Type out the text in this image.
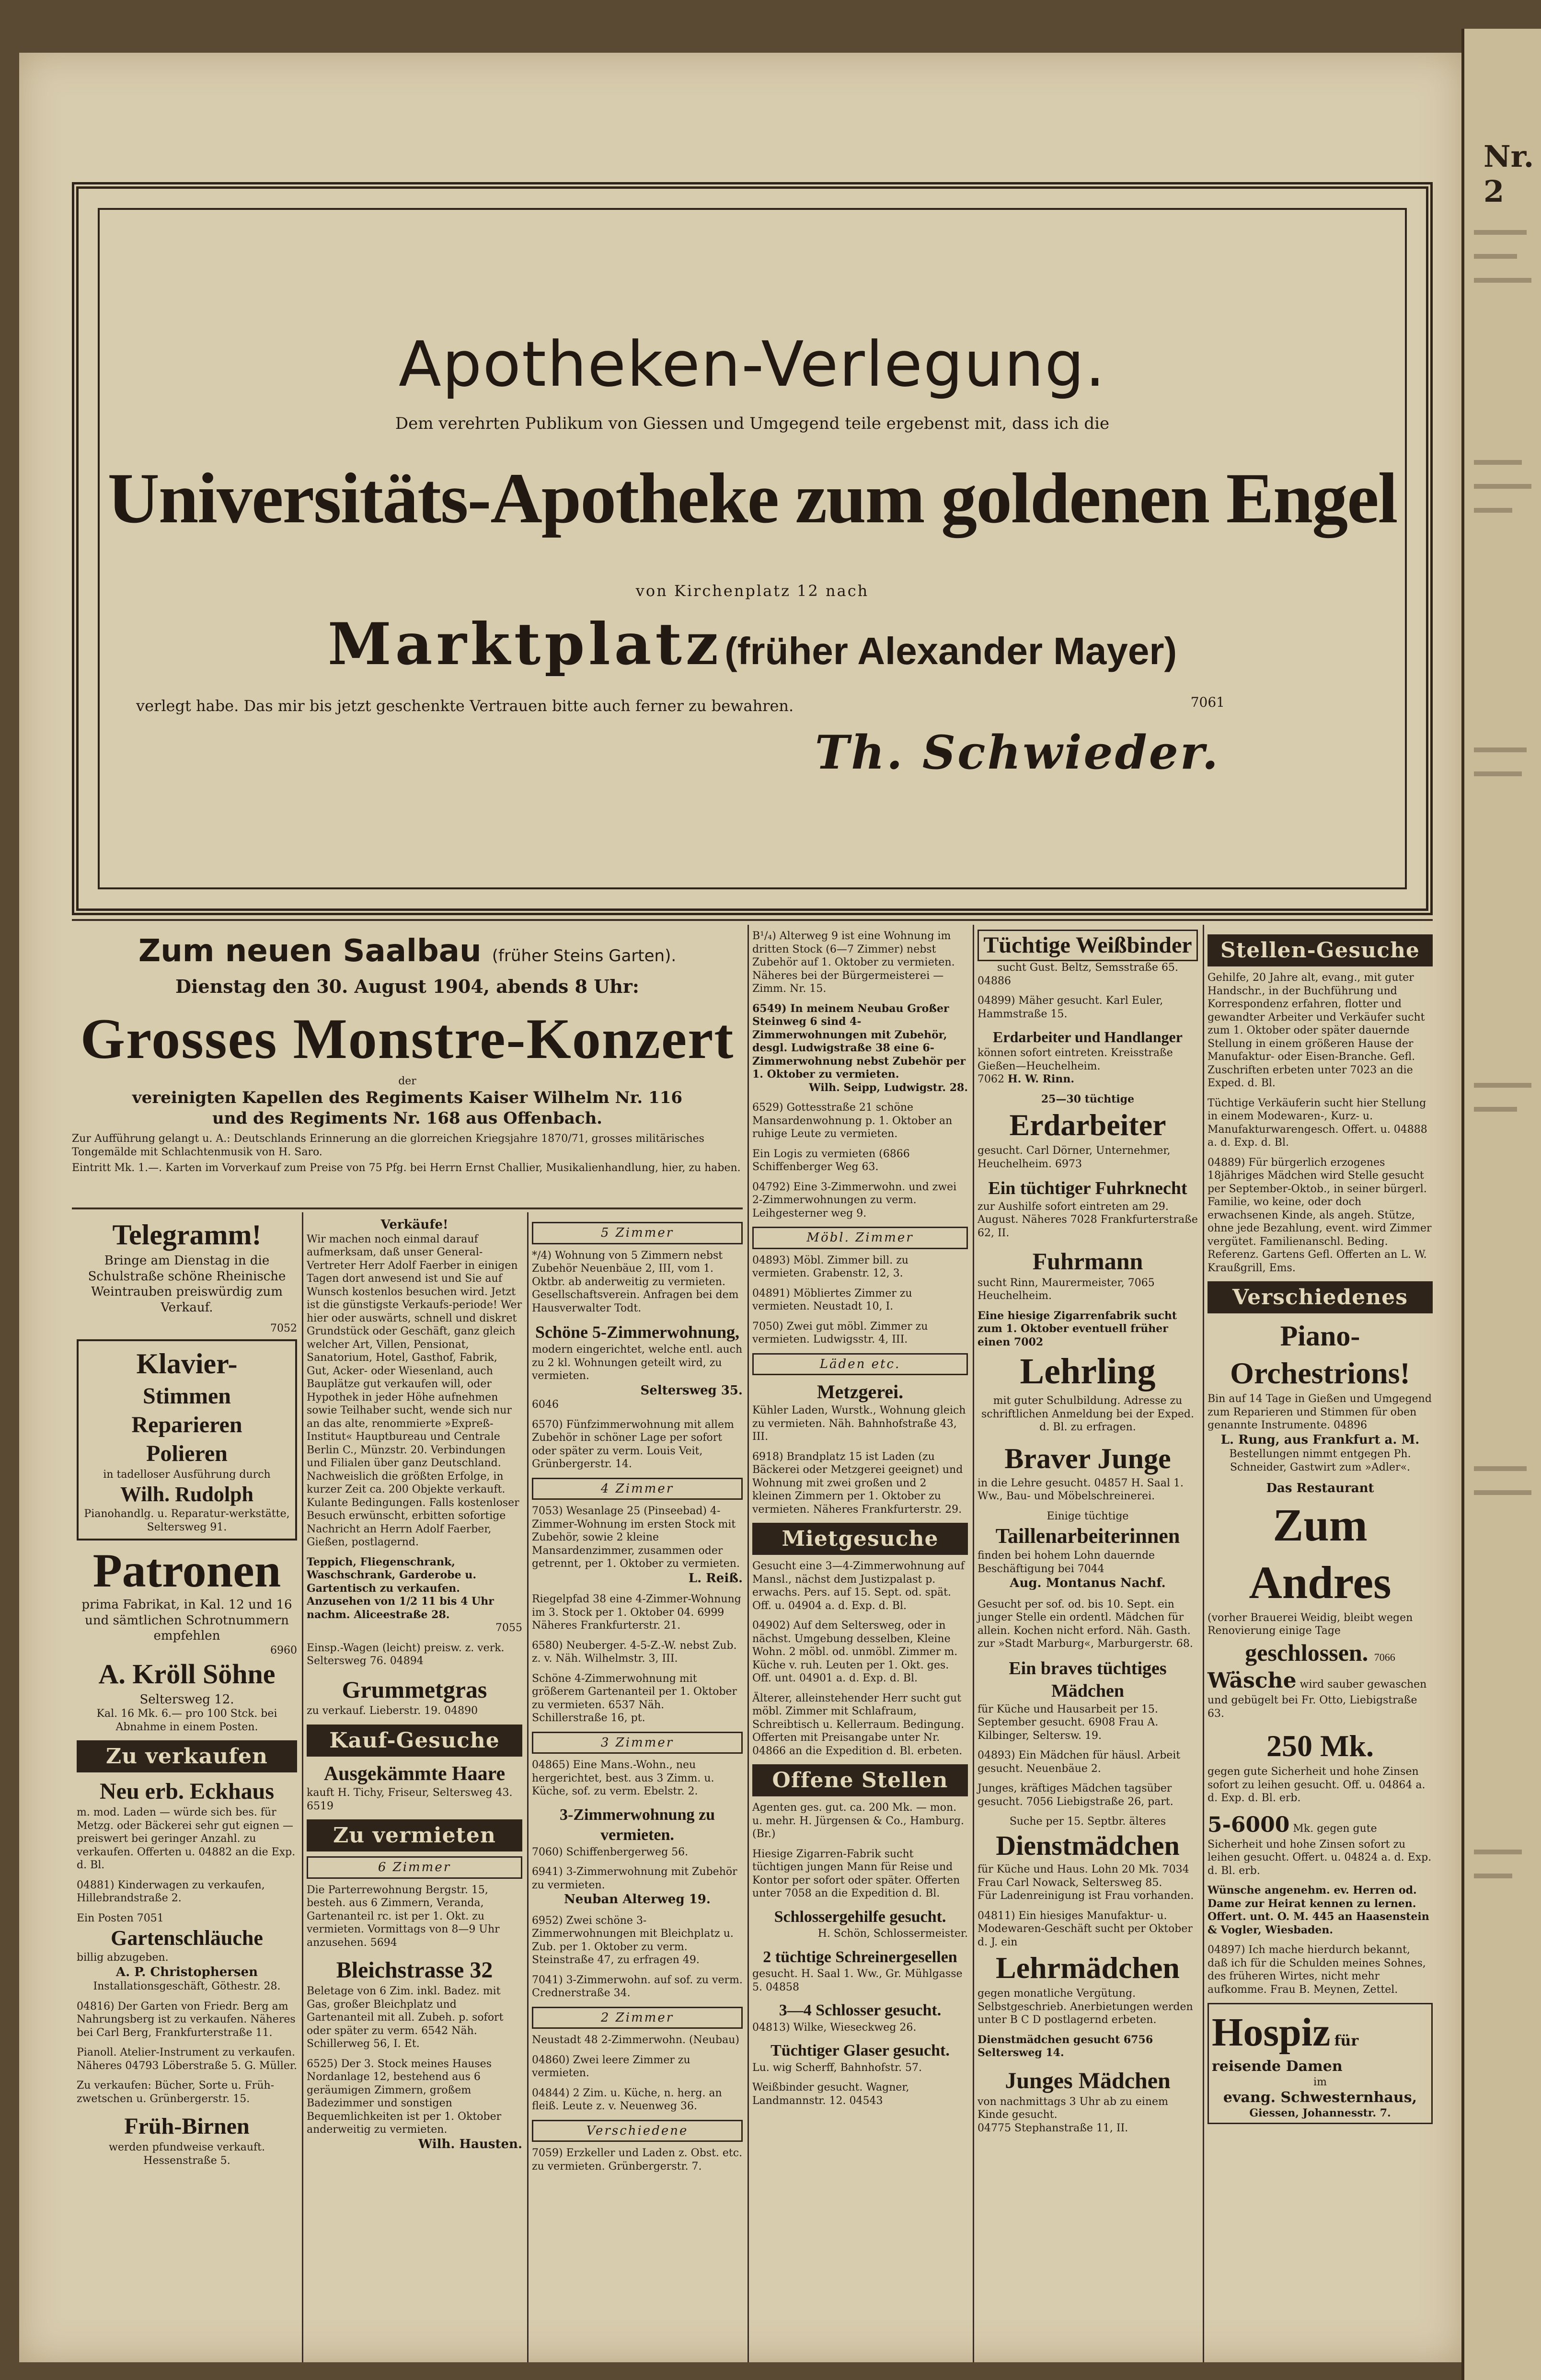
Apotheken-Verlegung.
Dem verehrten Publikum von Giessen und Umgegend teile ergebenst mit, dass ich die
Universitäts-Apotheke zum goldenen Engel
von Kirchenplatz 12 nach
Marktplatz (früher Alexander Mayer)
verlegt habe. Das mir bis jetzt geschenkte Vertrauen bitte auch ferner zu bewahren.	7061
Th. Schwieder.
Zum neuen Saalbau (früher Steins Garten).
Dienstag den 30. August 1904, abends 8 Uhr:
Grosses Monstre-Konzert
der
vereinigten Kapellen des Regiments Kaiser Wilhelm Nr. 116
und des Regiments Nr. 168 aus Offenbach.
Zur Aufführung gelangt u. A.: Deutschlands Erinnerung an die glorreichen Kriegsjahre 1870/71, grosses militärisches Tongemälde mit Schlachtenmusik von H. Saro.
Eintritt Mk. 1.—. Karten im Vorverkauf zum Preise von 75 Pfg. bei Herrn Ernst Challier, Musikalienhandlung, hier, zu haben.
Telegramm!
Bringe am Dienstag in die Schulstraße schöne Rheinische Weintrauben preiswürdig zum Verkauf.
7052
Klavier-
Stimmen
Reparieren
Polieren
in tadelloser Ausführung durch
Wilh. Rudolph
Pianohandlg. u. Reparatur-werkstätte, Seltersweg 91.
Patronen
prima Fabrikat, in Kal. 12 und 16 und sämtlichen Schrotnummern empfehlen
6960
A. Kröll Söhne
Seltersweg 12.
Kal. 16 Mk. 6.— pro 100 Stck. bei Abnahme in einem Posten.
Zu verkaufen
Neu erb. Eckhaus
m. mod. Laden — würde sich bes. für Metzg. oder Bäckerei sehr gut eignen — preiswert bei geringer Anzahl. zu verkaufen. Offerten u. 04882 an die Exp. d. Bl.
04881) Kinderwagen zu verkaufen, Hillebrandstraße 2.
Ein Posten 7051
Gartenschläuche
billig abzugeben.
A. P. Christophersen
Installationsgeschäft, Göthestr. 28.
04816) Der Garten von Friedr. Berg am Nahrungsberg ist zu verkaufen. Näheres bei Carl Berg, Frankfurterstraße 11.
Pianoll. Atelier-Instrument zu verkaufen. Näheres 04793 Löberstraße 5. G. Müller.
Zu verkaufen: Bücher, Sorte u. Früh-zwetschen u. Grünbergerstr. 15.
Früh-Birnen
werden pfundweise verkauft. Hessenstraße 5.
Verkäufe!
Wir machen noch einmal darauf aufmerksam, daß unser General-Vertreter Herr Adolf Faerber in einigen Tagen dort anwesend ist und Sie auf Wunsch kostenlos besuchen wird. Jetzt ist die günstigste Verkaufs-periode! Wer hier oder auswärts, schnell und diskret Grundstück oder Geschäft, ganz gleich welcher Art, Villen, Pensionat, Sanatorium, Hotel, Gasthof, Fabrik, Gut, Acker- oder Wiesenland, auch Bauplätze gut verkaufen will, oder Hypothek in jeder Höhe aufnehmen sowie Teilhaber sucht, wende sich nur an das alte, renommierte »Expreß-Institut« Hauptbureau und Centrale Berlin C., Münzstr. 20. Verbindungen und Filialen über ganz Deutschland. Nachweislich die größten Erfolge, in kurzer Zeit ca. 200 Objekte verkauft. Kulante Bedingungen. Falls kostenloser Besuch erwünscht, erbitten sofortige Nachricht an Herrn Adolf Faerber, Gießen, postlagernd.
Teppich, Fliegenschrank, Waschschrank, Garderobe u. Gartentisch zu verkaufen. Anzusehen von 1/2 11 bis 4 Uhr nachm. Aliceestraße 28.
7055
Einsp.-Wagen (leicht) preisw. z. verk. Seltersweg 76. 04894
Grummetgras
zu verkauf. Lieberstr. 19. 04890
Kauf-Gesuche
Ausgekämmte Haare
kauft H. Tichy, Friseur, Seltersweg 43.
6519
Zu vermieten
6 Zimmer
Die Parterrewohnung Bergstr. 15, besteh. aus 6 Zimmern, Veranda, Gartenanteil rc. ist per 1. Okt. zu vermieten. Vormittags von 8—9 Uhr anzusehen. 5694
Bleichstrasse 32
Beletage von 6 Zim. inkl. Badez. mit Gas, großer Bleichplatz und Gartenanteil mit all. Zubeh. p. sofort oder später zu verm. 6542 Näh. Schillerweg 56, I. Et.
6525) Der 3. Stock meines Hauses Nordanlage 12, bestehend aus 6 geräumigen Zimmern, großem Badezimmer und sonstigen Bequemlichkeiten ist per 1. Oktober anderweitig zu vermieten.
Wilh. Hausten.
5 Zimmer
*/4) Wohnung von 5 Zimmern nebst Zubehör Neuenbäue 2, III, vom 1. Oktbr. ab anderweitig zu vermieten. Gesellschaftsverein. Anfragen bei dem Hausverwalter Todt.
Schöne 5-Zimmerwohnung,
modern eingerichtet, welche entl. auch zu 2 kl. Wohnungen geteilt wird, zu vermieten.
Seltersweg 35.
6046
6570) Fünfzimmerwohnung mit allem Zubehör in schöner Lage per sofort oder später zu verm. Louis Veit, Grünbergerstr. 14.
4 Zimmer
7053) Wesanlage 25 (Pinseebad) 4-Zimmer-Wohnung im ersten Stock mit Zubehör, sowie 2 kleine Mansardenzimmer, zusammen oder getrennt, per 1. Oktober zu vermieten.
L. Reiß.
Riegelpfad 38 eine 4-Zimmer-Wohnung im 3. Stock per 1. Oktober 04. 6999 Näheres Frankfurterstr. 21.
6580) Neuberger. 4-5-Z.-W. nebst Zub. z. v. Näh. Wilhelmstr. 3, III.
Schöne 4-Zimmerwohnung mit größerem Gartenanteil per 1. Oktober zu vermieten. 6537 Näh. Schillerstraße 16, pt.
3 Zimmer
04865) Eine Mans.-Wohn., neu hergerichtet, best. aus 3 Zimm. u. Küche, sof. zu verm. Ebelstr. 2.
3-Zimmerwohnung zu vermieten.
7060) Schiffenbergerweg 56.
6941) 3-Zimmerwohnung mit Zubehör zu vermieten.
Neuban Alterweg 19.
6952) Zwei schöne 3-Zimmerwohnungen mit Bleichplatz u. Zub. per 1. Oktober zu verm. Steinstraße 47, zu erfragen 49.
7041) 3-Zimmerwohn. auf sof. zu verm. Crednerstraße 34.
2 Zimmer
Neustadt 48 2-Zimmerwohn. (Neubau)
04860) Zwei leere Zimmer zu vermieten.
04844) 2 Zim. u. Küche, n. herg. an fleiß. Leute z. v. Neuenweg 36.
Verschiedene
7059) Erzkeller und Laden z. Obst. etc. zu vermieten. Grünbergerstr. 7.
B¹/₄) Alterweg 9 ist eine Wohnung im dritten Stock (6—7 Zimmer) nebst Zubehör auf 1. Oktober zu vermieten. Näheres bei der Bürgermeisterei — Zimm. Nr. 15.
6549) In meinem Neubau Großer Steinweg 6 sind 4-Zimmerwohnungen mit Zubehör, desgl. Ludwigstraße 38 eine 6-Zimmerwohnung nebst Zubehör per 1. Oktober zu vermieten.
Wilh. Seipp, Ludwigstr. 28.
6529) Gottesstraße 21 schöne Mansardenwohnung p. 1. Oktober an ruhige Leute zu vermieten.
Ein Logis zu vermieten (6866 Schiffenberger Weg 63.
04792) Eine 3-Zimmerwohn. und zwei 2-Zimmerwohnungen zu verm. Leihgesterner weg 9.
Möbl. Zimmer
04893) Möbl. Zimmer bill. zu vermieten. Grabenstr. 12, 3.
04891) Möbliertes Zimmer zu vermieten. Neustadt 10, I.
7050) Zwei gut möbl. Zimmer zu vermieten. Ludwigsstr. 4, III.
Läden etc.
Metzgerei.
Kühler Laden, Wurstk., Wohnung gleich zu vermieten. Näh. Bahnhofstraße 43, III.
6918) Brandplatz 15 ist Laden (zu Bäckerei oder Metzgerei geeignet) und Wohnung mit zwei großen und 2 kleinen Zimmern per 1. Oktober zu vermieten. Näheres Frankfurterstr. 29.
Mietgesuche
Gesucht eine 3—4-Zimmerwohnung auf Mansl., nächst dem Justizpalast p. erwachs. Pers. auf 15. Sept. od. spät. Off. u. 04904 a. d. Exp. d. Bl.
04902) Auf dem Seltersweg, oder in nächst. Umgebung desselben, Kleine Wohn. 2 möbl. od. unmöbl. Zimmer m. Küche v. ruh. Leuten per 1. Okt. ges. Off. unt. 04901 a. d. Exp. d. Bl.
Älterer, alleinstehender Herr sucht gut möbl. Zimmer mit Schlafraum, Schreibtisch u. Kellerraum. Bedingung. Offerten mit Preisangabe unter Nr. 04866 an die Expedition d. Bl. erbeten.
Offene Stellen
Agenten ges. gut. ca. 200 Mk. — mon. u. mehr. H. Jürgensen & Co., Hamburg. (Br.)
Hiesige Zigarren-Fabrik sucht tüchtigen jungen Mann für Reise und Kontor per sofort oder später. Offerten unter 7058 an die Expedition d. Bl.
Schlossergehilfe gesucht.
H. Schön, Schlossermeister.
2 tüchtige Schreinergesellen
gesucht. H. Saal 1. Ww., Gr. Mühlgasse 5. 04858
3—4 Schlosser gesucht.
04813) Wilke, Wieseckweg 26.
Tüchtiger Glaser gesucht.
Lu. wig Scherff, Bahnhofstr. 57.
Weißbinder gesucht. Wagner, Landmannstr. 12. 04543
Tüchtige Weißbinder
sucht Gust. Beltz, Semsstraße 65.
04886
04899) Mäher gesucht. Karl Euler, Hammstraße 15.
Erdarbeiter und Handlanger
können sofort eintreten. Kreisstraße Gießen—Heuchelheim.
7062 H. W. Rinn.
25—30 tüchtige
Erdarbeiter
gesucht. Carl Dörner, Unternehmer, Heuchelheim. 6973
Ein tüchtiger Fuhrknecht
zur Aushilfe sofort eintreten am 29. August. Näheres 7028 Frankfurterstraße 62, II.
Fuhrmann
sucht Rinn, Maurermeister, 7065 Heuchelheim.
Eine hiesige Zigarrenfabrik sucht zum 1. Oktober eventuell früher einen 7002
Lehrling
mit guter Schulbildung. Adresse zu schriftlichen Anmeldung bei der Exped. d. Bl. zu erfragen.
Braver Junge
in die Lehre gesucht. 04857 H. Saal 1. Ww., Bau- und Möbelschreinerei.
Einige tüchtige
Taillenarbeiterinnen
finden bei hohem Lohn dauernde Beschäftigung bei 7044
Aug. Montanus Nachf.
Gesucht per sof. od. bis 10. Sept. ein junger Stelle ein ordentl. Mädchen für allein. Kochen nicht erford. Näh. Gasth. zur »Stadt Marburg«, Marburgerstr. 68.
Ein braves tüchtiges Mädchen
für Küche und Hausarbeit per 15. September gesucht. 6908 Frau A. Kilbinger, Seltersw. 19.
04893) Ein Mädchen für häusl. Arbeit gesucht. Neuenbäue 2.
Junges, kräftiges Mädchen tagsüber gesucht. 7056 Liebigstraße 26, part.
Suche per 15. Septbr. älteres
Dienstmädchen
für Küche und Haus. Lohn 20 Mk. 7034 Frau Carl Nowack, Seltersweg 85.
Für Ladenreinigung ist Frau vorhanden.
04811) Ein hiesiges Manufaktur- u. Modewaren-Geschäft sucht per Oktober d. J. ein
Lehrmädchen
gegen monatliche Vergütung. Selbstgeschrieb. Anerbietungen werden unter B C D postlagernd erbeten.
Dienstmädchen gesucht 6756 Seltersweg 14.
Junges Mädchen
von nachmittags 3 Uhr ab zu einem Kinde gesucht.
04775 Stephanstraße 11, II.
Stellen-Gesuche
Gehilfe, 20 Jahre alt, evang., mit guter Handschr., in der Buchführung und Korrespondenz erfahren, flotter und gewandter Arbeiter und Verkäufer sucht zum 1. Oktober oder später dauernde Stellung in einem größeren Hause der Manufaktur- oder Eisen-Branche. Gefl. Zuschriften erbeten unter 7023 an die Exped. d. Bl.
Tüchtige Verkäuferin sucht hier Stellung in einem Modewaren-, Kurz- u. Manufakturwarengesch. Offert. u. 04888 a. d. Exp. d. Bl.
04889) Für bürgerlich erzogenes 18jähriges Mädchen wird Stelle gesucht per September-Oktob., in seiner bürgerl. Familie, wo keine, oder doch erwachsenen Kinde, als angeh. Stütze, ohne jede Bezahlung, event. wird Zimmer vergütet. Familienanschl. Beding. Referenz. Gartens Gefl. Offerten an L. W. Kraußgrill, Ems.
Verschiedenes
Piano-
Orchestrions!
Bin auf 14 Tage in Gießen und Umgegend zum Reparieren und Stimmen für oben genannte Instrumente. 04896
L. Rung, aus Frankfurt a. M.
Bestellungen nimmt entgegen Ph. Schneider, Gastwirt zum »Adler«.
Das Restaurant
Zum Andres
(vorher Brauerei Weidig, bleibt wegen Renovierung einige Tage
geschlossen. 7066
Wäsche wird sauber gewaschen und gebügelt bei Fr. Otto, Liebigstraße 63.
250 Mk.
gegen gute Sicherheit und hohe Zinsen sofort zu leihen gesucht. Off. u. 04864 a. d. Exp. d. Bl. erb.
5-6000 Mk. gegen gute Sicherheit und hohe Zinsen sofort zu leihen gesucht. Offert. u. 04824 a. d. Exp. d. Bl. erb.
Wünsche angenehm. ev. Herren od. Dame zur Heirat kennen zu lernen. Offert. unt. O. M. 445 an Haasenstein & Vogler, Wiesbaden.
04897) Ich mache hierdurch bekannt, daß ich für die Schulden meines Sohnes, des früheren Wirtes, nicht mehr aufkomme. Frau B. Meynen, Zettel.
Hospiz für reisende Damen
im
evang. Schwesternhaus,
Giessen, Johannesstr. 7.
Nr. 2
